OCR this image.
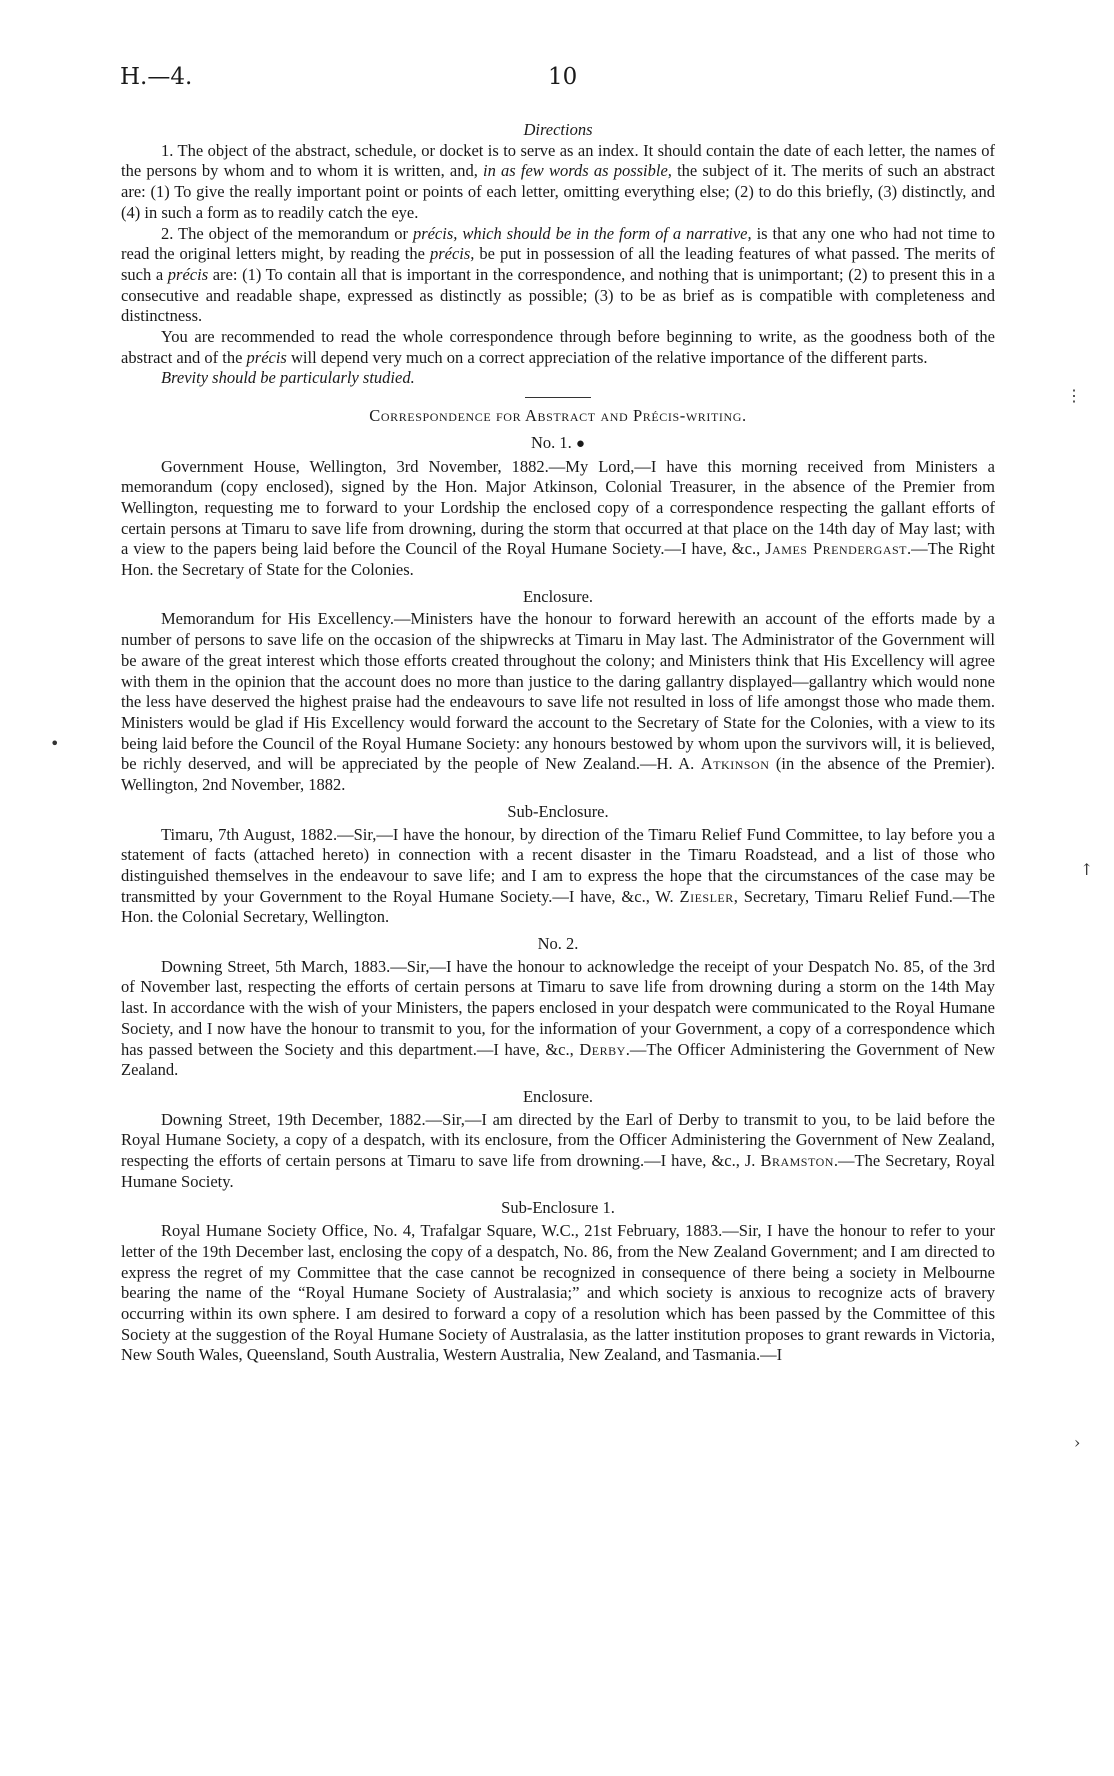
H.—4.	10
Directions

1. The object of the abstract, schedule, or docket is to serve as an index. It should contain the date of each letter, the names of the persons by whom and to whom it is written, and, in as few words as possible, the subject of it. The merits of such an abstract are: (1) To give the really important point or points of each letter, omitting everything else; (2) to do this briefly, (3) distinctly, and (4) in such a form as to readily catch the eye.

2. The object of the memorandum or précis, which should be in the form of a narrative, is that any one who had not time to read the original letters might, by reading the précis, be put in possession of all the leading features of what passed. The merits of such a précis are: (1) To contain all that is important in the correspondence, and nothing that is unimportant; (2) to present this in a consecutive and readable shape, expressed as distinctly as possible; (3) to be as brief as is compatible with completeness and distinctness.

You are recommended to read the whole correspondence through before beginning to write, as the goodness both of the abstract and of the précis will depend very much on a correct appreciation of the relative importance of the different parts.

Brevity should be particularly studied.

Correspondence for Abstract and Précis-writing.
No. 1. ●

Government House, Wellington, 3rd November, 1882.—My Lord,—I have this morning received from Ministers a memorandum (copy enclosed), signed by the Hon. Major Atkinson, Colonial Treasurer, in the absence of the Premier from Wellington, requesting me to forward to your Lordship the enclosed copy of a correspondence respecting the gallant efforts of certain persons at Timaru to save life from drowning, during the storm that occurred at that place on the 14th day of May last; with a view to the papers being laid before the Council of the Royal Humane Society.—I have, &c., James Prendergast.—The Right Hon. the Secretary of State for the Colonies.

Enclosure.

Memorandum for His Excellency.—Ministers have the honour to forward herewith an account of the efforts made by a number of persons to save life on the occasion of the shipwrecks at Timaru in May last. The Administrator of the Government will be aware of the great interest which those efforts created throughout the colony; and Ministers think that His Excellency will agree with them in the opinion that the account does no more than justice to the daring gallantry displayed—gallantry which would none the less have deserved the highest praise had the endeavours to save life not resulted in loss of life amongst those who made them. Ministers would be glad if His Excellency would forward the account to the Secretary of State for the Colonies, with a view to its being laid before the Council of the Royal Humane Society: any honours bestowed by whom upon the survivors will, it is believed, be richly deserved, and will be appreciated by the people of New Zealand.—H. A. Atkinson (in the absence of the Premier). Wellington, 2nd November, 1882.

Sub-Enclosure.

Timaru, 7th August, 1882.—Sir,—I have the honour, by direction of the Timaru Relief Fund Committee, to lay before you a statement of facts (attached hereto) in connection with a recent disaster in the Timaru Roadstead, and a list of those who distinguished themselves in the endeavour to save life; and I am to express the hope that the circumstances of the case may be transmitted by your Government to the Royal Humane Society.—I have, &c., W. Ziesler, Secretary, Timaru Relief Fund.—The Hon. the Colonial Secretary, Wellington.

No. 2.

Downing Street, 5th March, 1883.—Sir,—I have the honour to acknowledge the receipt of your Despatch No. 85, of the 3rd of November last, respecting the efforts of certain persons at Timaru to save life from drowning during a storm on the 14th May last. In accordance with the wish of your Ministers, the papers enclosed in your despatch were communicated to the Royal Humane Society, and I now have the honour to transmit to you, for the information of your Government, a copy of a correspondence which has passed between the Society and this department.—I have, &c., Derby.—The Officer Administering the Government of New Zealand.

Enclosure.

Downing Street, 19th December, 1882.—Sir,—I am directed by the Earl of Derby to transmit to you, to be laid before the Royal Humane Society, a copy of a despatch, with its enclosure, from the Officer Administering the Government of New Zealand, respecting the efforts of certain persons at Timaru to save life from drowning.—I have, &c., J. Bramston.—The Secretary, Royal Humane Society.

Sub-Enclosure 1.

Royal Humane Society Office, No. 4, Trafalgar Square, W.C., 21st February, 1883.—Sir, I have the honour to refer to your letter of the 19th December last, enclosing the copy of a despatch, No. 86, from the New Zealand Government; and I am directed to express the regret of my Committee that the case cannot be recognized in consequence of there being a society in Melbourne bearing the name of the “Royal Humane Society of Australasia;” and which society is anxious to recognize acts of bravery occurring within its own sphere. I am desired to forward a copy of a resolution which has been passed by the Committee of this Society at the suggestion of the Royal Humane Society of Australasia, as the latter institution proposes to grant rewards in Victoria, New South Wales, Queensland, South Australia, Western Australia, New Zealand, and Tasmania.—I

⋮
↑
•
›
